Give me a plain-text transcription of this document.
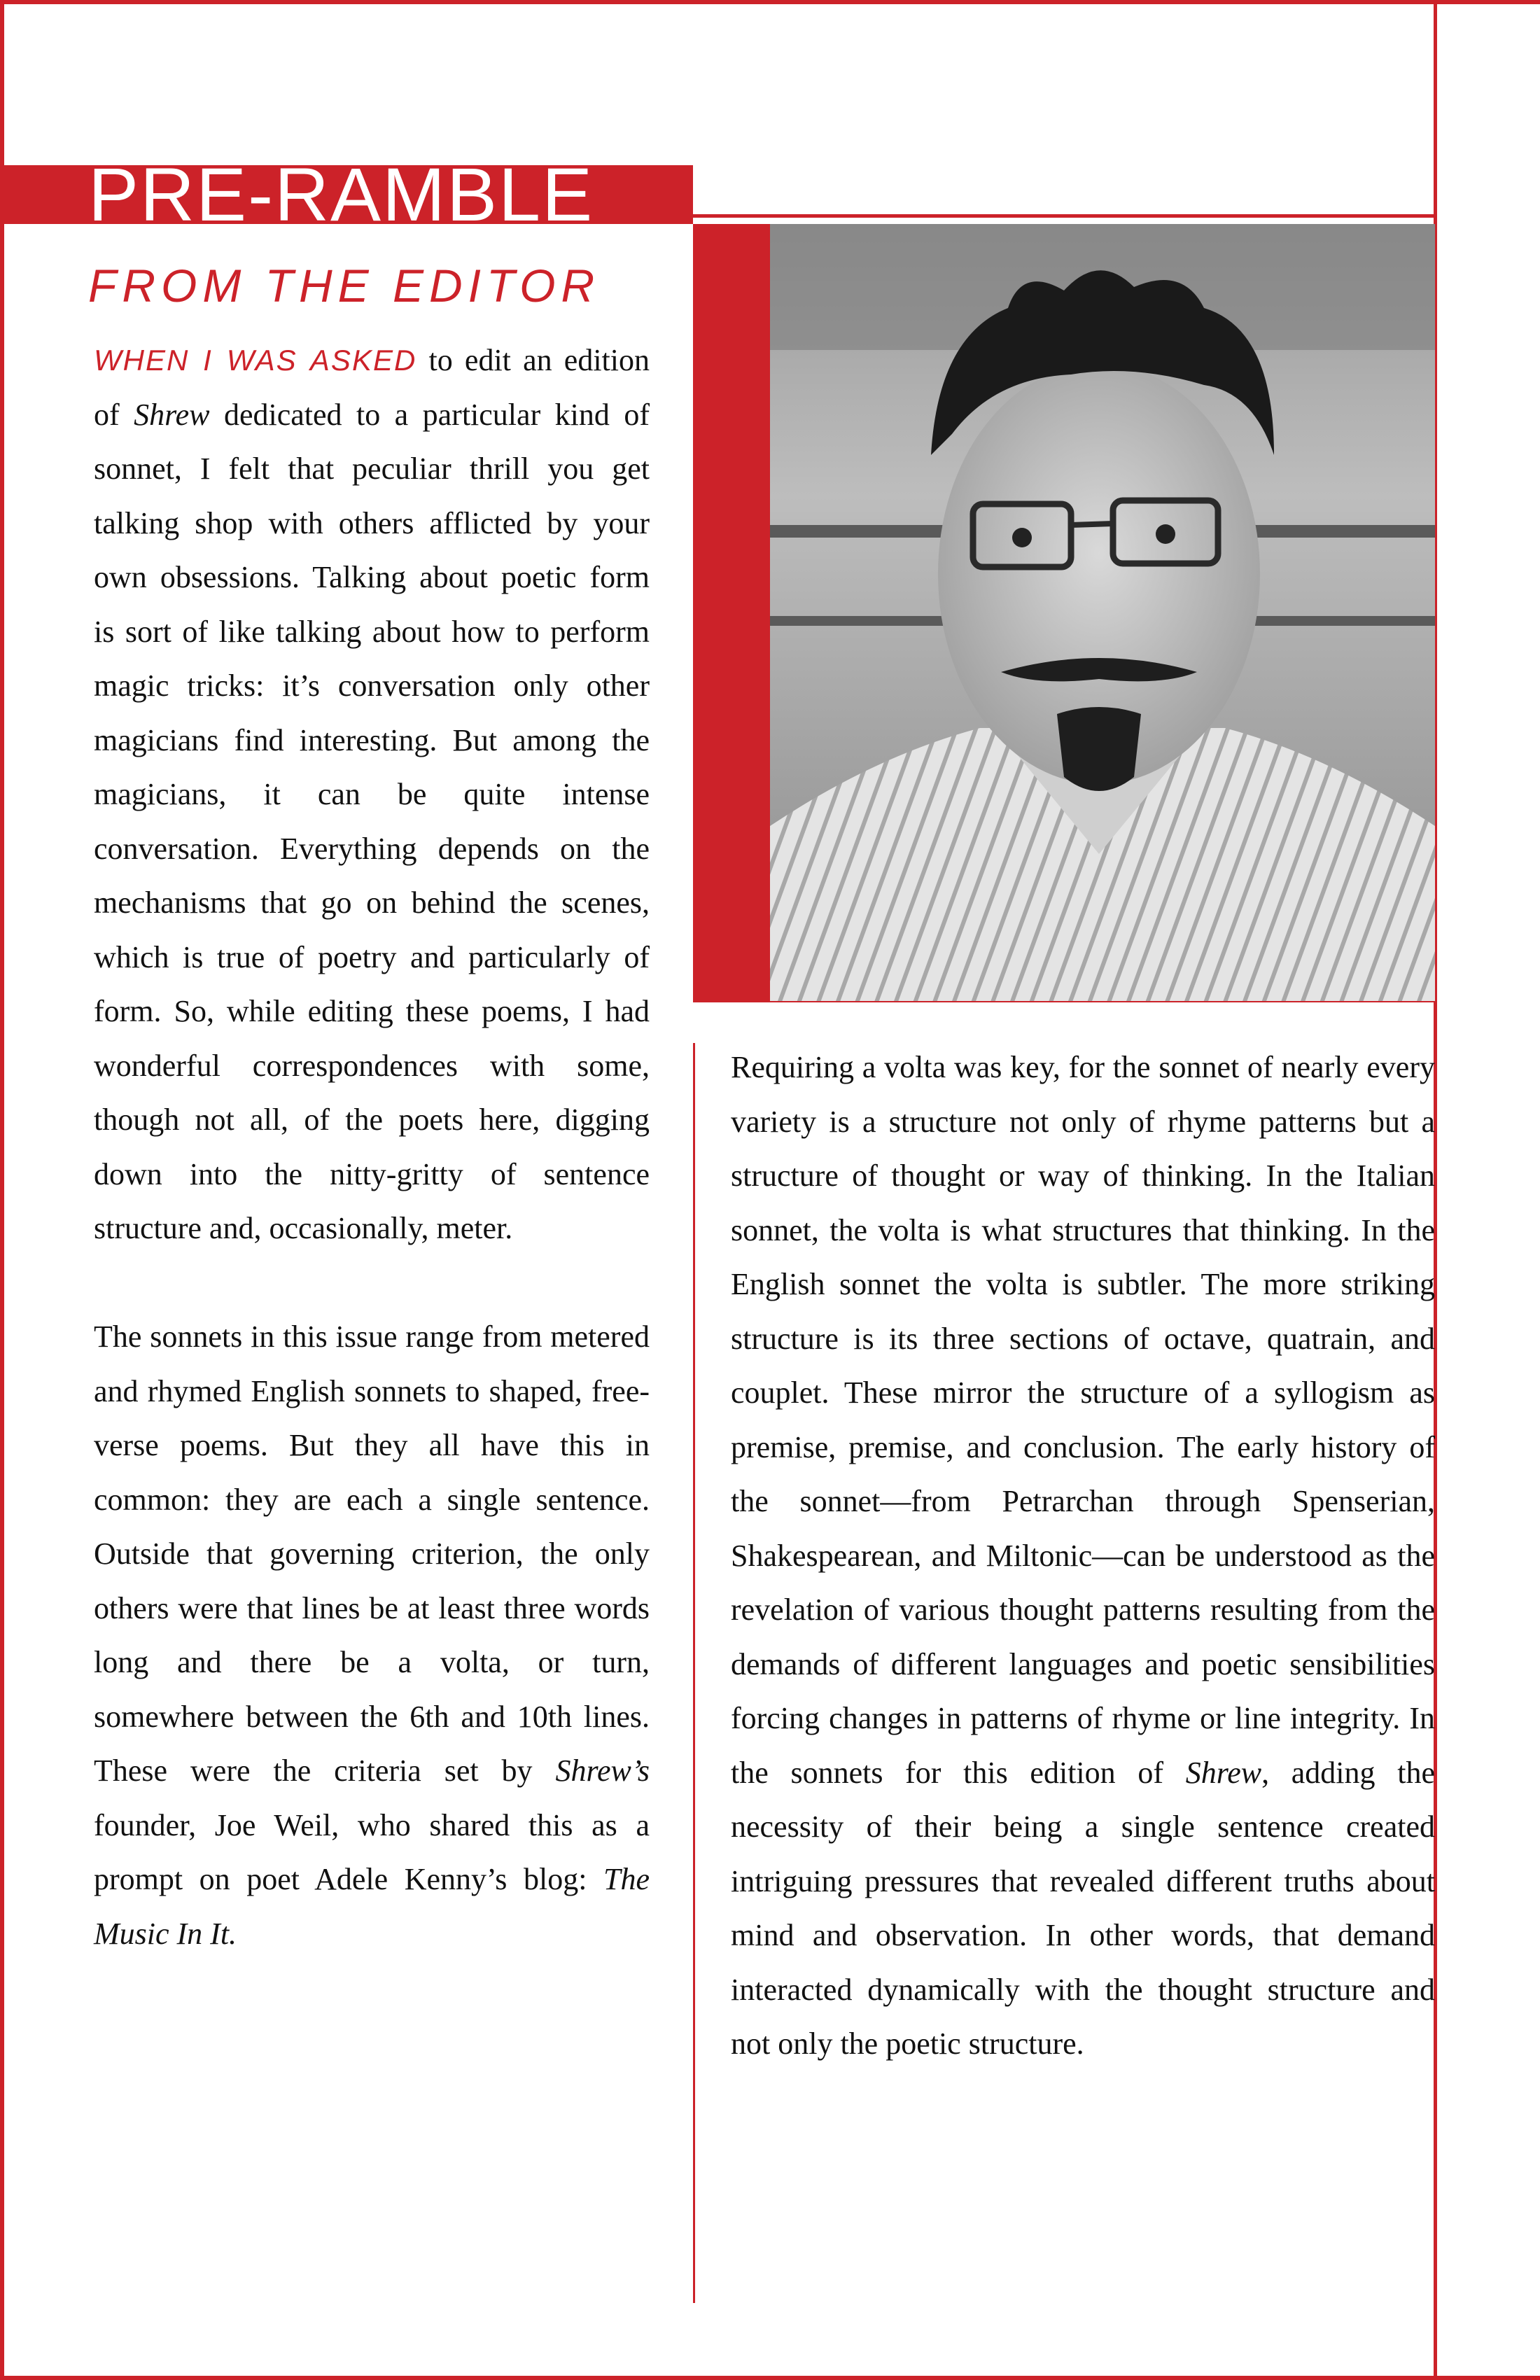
PRE-RAMBLE
FROM THE EDITOR

WHEN I WAS ASKED to edit an edition of Shrew dedicated to a particular kind of sonnet, I felt that peculiar thrill you get talking shop with others afflicted by your own obsessions. Talking about poetic form is sort of like talking about how to perform magic tricks: it’s conversation only other magicians find interesting. But among the magicians, it can be quite intense conversation. Everything depends on the mechanisms that go on behind the scenes, which is true of poetry and particularly of form. So, while editing these poems, I had wonderful correspondences with some, though not all, of the poets here, digging down into the nitty-gritty of sentence structure and, occasionally, meter.

The sonnets in this issue range from metered and rhymed English sonnets to shaped, free-verse poems. But they all have this in common: they are each a single sentence. Outside that governing criterion, the only others were that lines be at least three words long and there be a volta, or turn, somewhere between the 6th and 10th lines. These were the criteria set by Shrew’s founder, Joe Weil, who shared this as a prompt on poet Adele Kenny’s blog: The Music In It.

Requiring a volta was key, for the sonnet of nearly every variety is a structure not only of rhyme patterns but a structure of thought or way of thinking. In the Italian sonnet, the volta is what structures that thinking. In the English sonnet the volta is subtler. The more striking structure is its three sections of octave, quatrain, and couplet. These mirror the structure of a syllogism as premise, premise, and conclusion. The early history of the sonnet—from Petrarchan through Spenserian, Shakespearean, and Miltonic—can be understood as the revelation of various thought patterns resulting from the demands of different languages and poetic sensibilities forcing changes in patterns of rhyme or line integrity. In the sonnets for this edition of Shrew, adding the necessity of their being a single sentence created intriguing pressures that revealed different truths about mind and observation. In other words, that demand interacted dynamically with the thought structure and not only the poetic structure.
